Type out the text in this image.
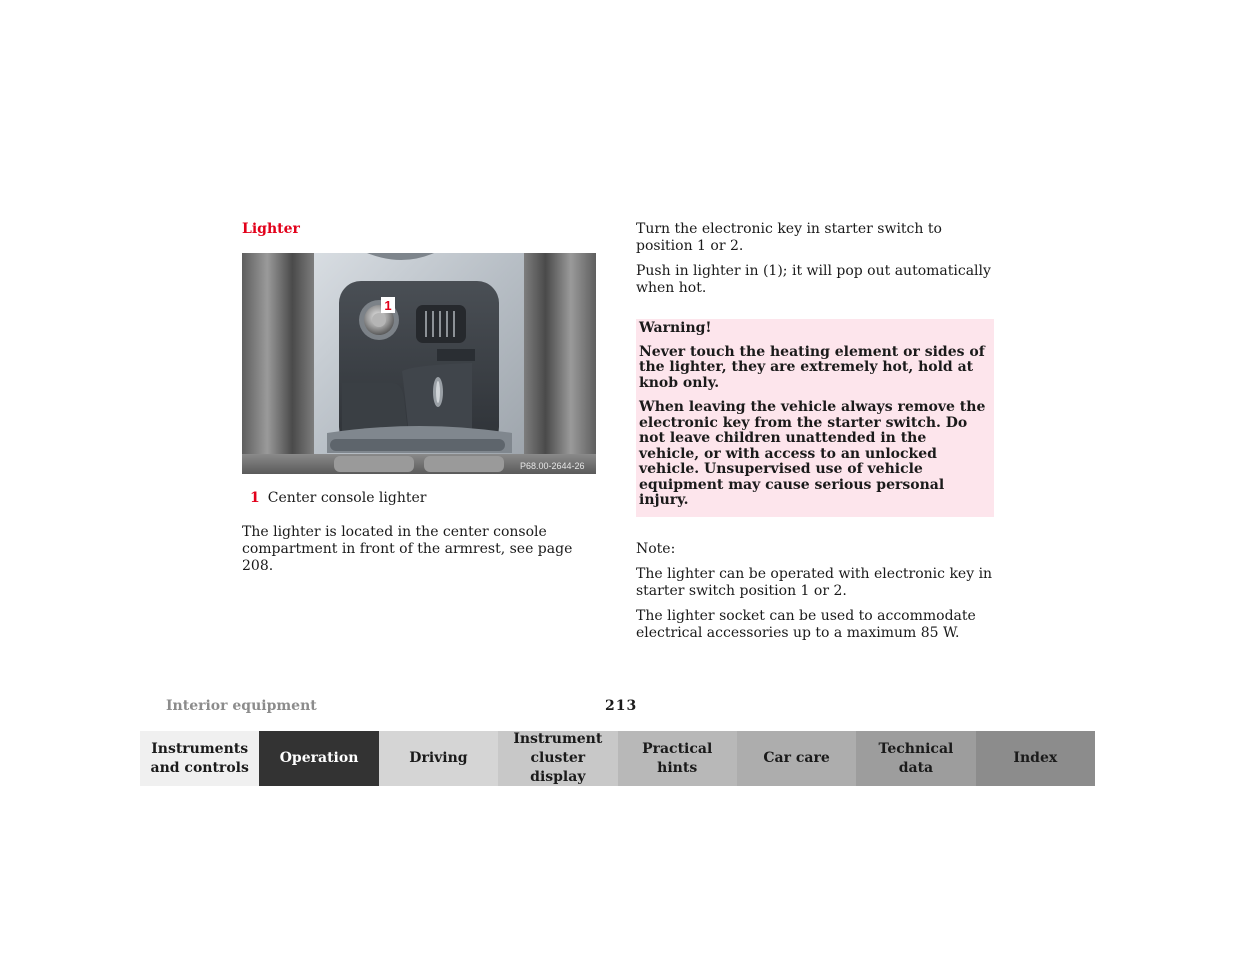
Lighter
1
P68.00-2644-26
1 Center console lighter
The lighter is located in the center console compartment in front of the armrest, see page 208.

Turn the electronic key in starter switch to position 1 or 2.

Push in lighter in (1); it will pop out automatically when hot.

Warning!

Never touch the heating element or sides of the lighter, they are extremely hot, hold at knob only.

When leaving the vehicle always remove the electronic key from the starter switch. Do not leave children unattended in the vehicle, or with access to an unlocked vehicle. Unsupervised use of vehicle equipment may cause serious personal injury.

Note:

The lighter can be operated with electronic key in starter switch position 1 or 2.

The lighter socket can be used to accommodate electrical accessories up to a maximum 85 W.

Interior equipment	213
Instruments
and controls
Operation	Driving
Instrument
cluster display
Practical hints
Car care
Technical
data
Index
